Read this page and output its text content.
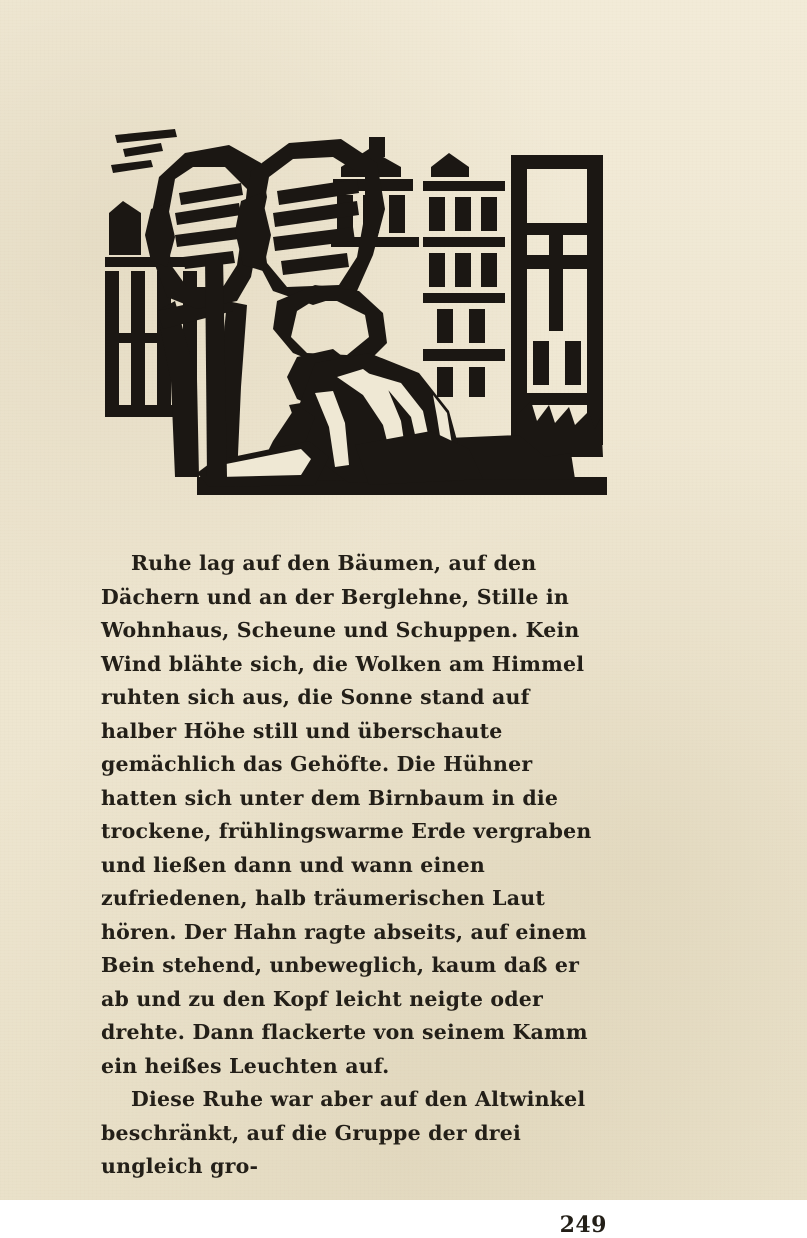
Ruhe lag auf den Bäumen, auf den Dächern und an der Berglehne, Stille in Wohnhaus, Scheune und Schuppen. Kein Wind blähte sich, die Wolken am Himmel ruhten sich aus, die Sonne stand auf halber Höhe still und überschaute gemächlich das Gehöfte. Die Hühner hatten sich unter dem Birnbaum in die trockene, frühlingswarme Erde vergraben und ließen dann und wann einen zufriedenen, halb träumerischen Laut hören. Der Hahn ragte abseits, auf einem Bein stehend, unbeweglich, kaum daß er ab und zu den Kopf leicht neigte oder drehte. Dann flackerte von seinem Kamm ein heißes Leuchten auf.

Diese Ruhe war aber auf den Altwinkel beschränkt, auf die Gruppe der drei ungleich gro-

249
